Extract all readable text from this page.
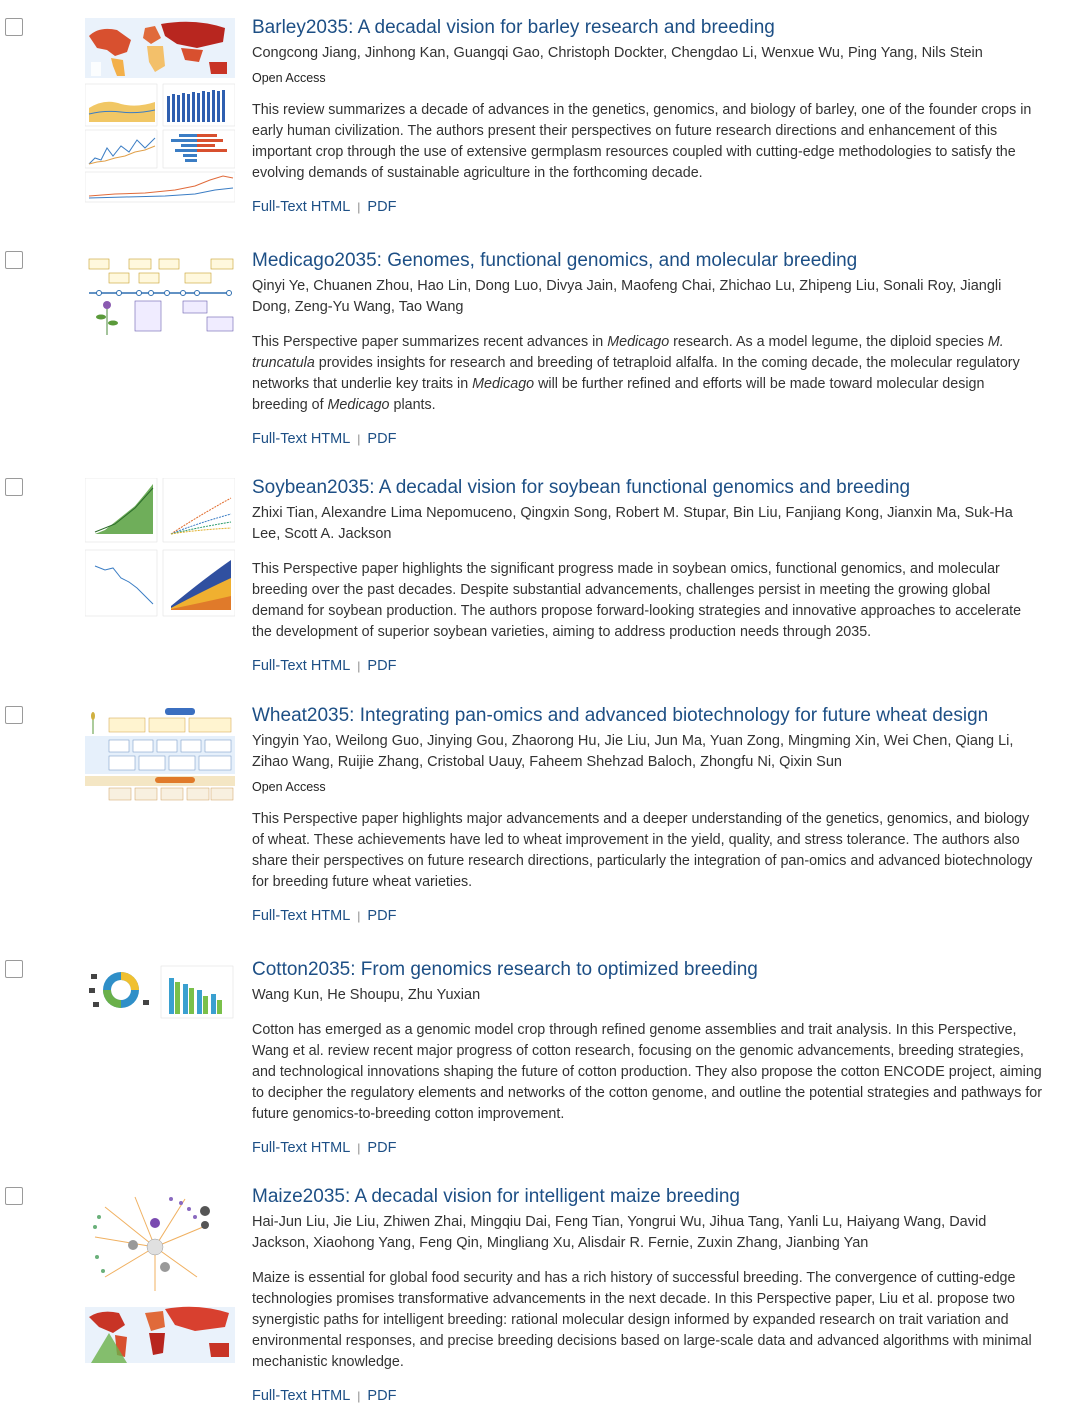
Barley2035: A decadal vision for barley research and breeding
Congcong Jiang, Jinhong Kan, Guangqi Gao, Christoph Dockter, Chengdao Li, Wenxue Wu, Ping Yang, Nils Stein
Open Access
This review summarizes a decade of advances in the genetics, genomics, and biology of barley, one of the founder crops in early human civilization. The authors present their perspectives on future research directions and enhancement of this important crop through the use of extensive germplasm resources coupled with cutting-edge methodologies to satisfy the evolving demands of sustainable agriculture in the forthcoming decade.
Full-Text HTML | PDF
Medicago2035: Genomes, functional genomics, and molecular breeding
Qinyi Ye, Chuanen Zhou, Hao Lin, Dong Luo, Divya Jain, Maofeng Chai, Zhichao Lu, Zhipeng Liu, Sonali Roy, Jiangli Dong, Zeng-Yu Wang, Tao Wang
This Perspective paper summarizes recent advances in Medicago research. As a model legume, the diploid species M. truncatula provides insights for research and breeding of tetraploid alfalfa. In the coming decade, the molecular regulatory networks that underlie key traits in Medicago will be further refined and efforts will be made toward molecular design breeding of Medicago plants.
Full-Text HTML | PDF
Soybean2035: A decadal vision for soybean functional genomics and breeding
Zhixi Tian, Alexandre Lima Nepomuceno, Qingxin Song, Robert M. Stupar, Bin Liu, Fanjiang Kong, Jianxin Ma, Suk-Ha Lee, Scott A. Jackson
This Perspective paper highlights the significant progress made in soybean omics, functional genomics, and molecular breeding over the past decades. Despite substantial advancements, challenges persist in meeting the growing global demand for soybean production. The authors propose forward-looking strategies and innovative approaches to accelerate the development of superior soybean varieties, aiming to address production needs through 2035.
Full-Text HTML | PDF
Wheat2035: Integrating pan-omics and advanced biotechnology for future wheat design
Yingyin Yao, Weilong Guo, Jinying Gou, Zhaorong Hu, Jie Liu, Jun Ma, Yuan Zong, Mingming Xin, Wei Chen, Qiang Li, Zihao Wang, Ruijie Zhang, Cristobal Uauy, Faheem Shehzad Baloch, Zhongfu Ni, Qixin Sun
Open Access
This Perspective paper highlights major advancements and a deeper understanding of the genetics, genomics, and biology of wheat. These achievements have led to wheat improvement in the yield, quality, and stress tolerance. The authors also share their perspectives on future research directions, particularly the integration of pan-omics and advanced biotechnology for breeding future wheat varieties.
Full-Text HTML | PDF
Cotton2035: From genomics research to optimized breeding
Wang Kun, He Shoupu, Zhu Yuxian
Cotton has emerged as a genomic model crop through refined genome assemblies and trait analysis. In this Perspective, Wang et al. review recent major progress of cotton research, focusing on the genomic advancements, breeding strategies, and technological innovations shaping the future of cotton production. They also propose the cotton ENCODE project, aiming to decipher the regulatory elements and networks of the cotton genome, and outline the potential strategies and pathways for future genomics-to-breeding cotton improvement.
Full-Text HTML | PDF
Maize2035: A decadal vision for intelligent maize breeding
Hai-Jun Liu, Jie Liu, Zhiwen Zhai, Mingqiu Dai, Feng Tian, Yongrui Wu, Jihua Tang, Yanli Lu, Haiyang Wang, David Jackson, Xiaohong Yang, Feng Qin, Mingliang Xu, Alisdair R. Fernie, Zuxin Zhang, Jianbing Yan
Maize is essential for global food security and has a rich history of successful breeding. The convergence of cutting-edge technologies promises transformative advancements in the next decade. In this Perspective paper, Liu et al. propose two synergistic paths for intelligent breeding: rational molecular design informed by expanded research on trait variation and environmental responses, and precise breeding decisions based on large-scale data and advanced algorithms with minimal mechanistic knowledge.
Full-Text HTML | PDF
